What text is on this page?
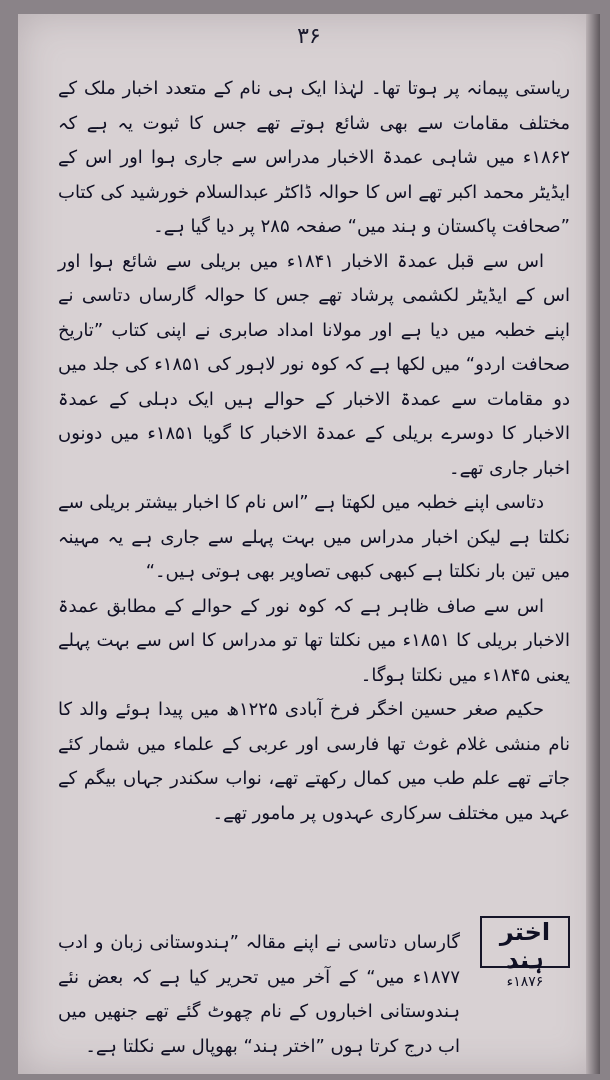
۳۶

ریاستی پیمانہ پر ہوتا تھا۔ لہٰذا ایک ہی نام کے متعدد اخبار ملک کے مختلف مقامات سے بھی شائع ہوتے تھے جس کا ثبوت یہ ہے کہ ۱۸۶۲ء میں شاہی عمدۃ الاخبار مدراس سے جاری ہوا اور اس کے ایڈیٹر محمد اکبر تھے اس کا حوالہ ڈاکٹر عبدالسلام خورشید کی کتاب ”صحافت پاکستان و ہند میں“ صفحہ ۲۸۵ پر دیا گیا ہے۔

اس سے قبل عمدۃ الاخبار ۱۸۴۱ء میں بریلی سے شائع ہوا اور اس کے ایڈیٹر لکشمی پرشاد تھے جس کا حوالہ گارساں دتاسی نے اپنے خطبہ میں دیا ہے اور مولانا امداد صابری نے اپنی کتاب ”تاریخ صحافت اردو“ میں لکھا ہے کہ کوہ نور لاہور کی ۱۸۵۱ء کی جلد میں دو مقامات سے عمدۃ الاخبار کے حوالے ہیں ایک دہلی کے عمدۃ الاخبار کا دوسرے بریلی کے عمدۃ الاخبار کا گویا ۱۸۵۱ء میں دونوں اخبار جاری تھے۔

دتاسی اپنے خطبہ میں لکھتا ہے ”اس نام کا اخبار بیشتر بریلی سے نکلتا ہے لیکن اخبار مدراس میں بہت پہلے سے جاری ہے یہ مہینہ میں تین بار نکلتا ہے کبھی کبھی تصاویر بھی ہوتی ہیں۔“

اس سے صاف ظاہر ہے کہ کوہ نور کے حوالے کے مطابق عمدۃ الاخبار بریلی کا ۱۸۵۱ء میں نکلتا تھا تو مدراس کا اس سے بہت پہلے یعنی ۱۸۴۵ء میں نکلتا ہوگا۔

حکیم صغر حسین اخگر فرخ آبادی ۱۲۲۵ھ میں پیدا ہوئے والد کا نام منشی غلام غوث تھا فارسی اور عربی کے علماء میں شمار کئے جاتے تھے علم طب میں کمال رکھتے تھے، نواب سکندر جہاں بیگم کے عہد میں مختلف سرکاری عہدوں پر مامور تھے۔

اختر ہند
۱۸۷۶ء
گارساں دتاسی نے اپنے مقالہ ”ہندوستانی زبان و ادب ۱۸۷۷ء میں“ کے آخر میں تحریر کیا ہے کہ بعض نئے ہندوستانی اخباروں کے نام چھوٹ گئے تھے جنھیں میں اب درج کرتا ہوں ”اختر ہند“ بھوپال سے نکلتا ہے۔
